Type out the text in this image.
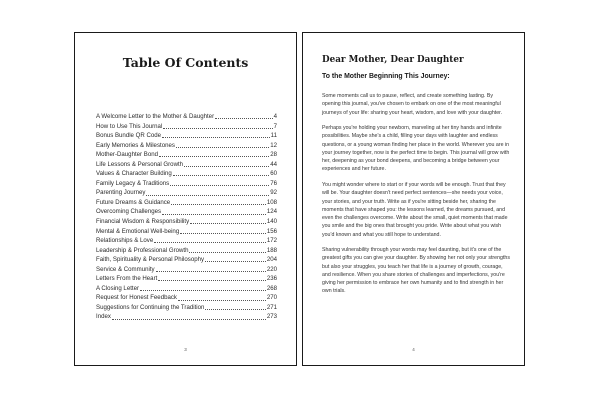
Table Of Contents
A Welcome Letter to the Mother & Daughter	4
How to Use This Journal	7
Bonus Bundle QR Code	11
Early Memories & Milestones	12
Mother-Daughter Bond	28
Life Lessons & Personal Growth	44
Values & Character Building	60
Family Legacy & Traditions	76
Parenting Journey	92
Future Dreams & Guidance	108
Overcoming Challenges	124
Financial Wisdom & Responsibility	140
Mental & Emotional Well-being	156
Relationships & Love	172
Leadership & Professional Growth	188
Faith, Spirituality & Personal Philosophy	204
Service & Community	220
Letters From the Heart	236
A Closing Letter	268
Request for Honest Feedback	270
Suggestions for Continuing the Tradition	271
Index	273
3
Dear Mother, Dear Daughter
To the Mother Beginning This Journey:

Some moments call us to pause, reflect, and create something lasting. By opening this journal, you've chosen to embark on one of the most meaningful journeys of your life: sharing your heart, wisdom, and love with your daughter.

Perhaps you're holding your newborn, marveling at her tiny hands and infinite possibilities. Maybe she's a child, filling your days with laughter and endless questions, or a young woman finding her place in the world. Wherever you are in your journey together, now is the perfect time to begin. This journal will grow with her, deepening as your bond deepens, and becoming a bridge between your experiences and her future.

You might wonder where to start or if your words will be enough. Trust that they will be. Your daughter doesn't need perfect sentences—she needs your voice, your stories, and your truth. Write as if you're sitting beside her, sharing the moments that have shaped you: the lessons learned, the dreams pursued, and even the challenges overcome. Write about the small, quiet moments that made you smile and the big ones that brought you pride. Write about what you wish you'd known and what you still hope to understand.

Sharing vulnerability through your words may feel daunting, but it's one of the greatest gifts you can give your daughter. By showing her not only your strengths but also your struggles, you teach her that life is a journey of growth, courage, and resilience. When you share stories of challenges and imperfections, you're giving her permission to embrace her own humanity and to find strength in her own trials.

4
